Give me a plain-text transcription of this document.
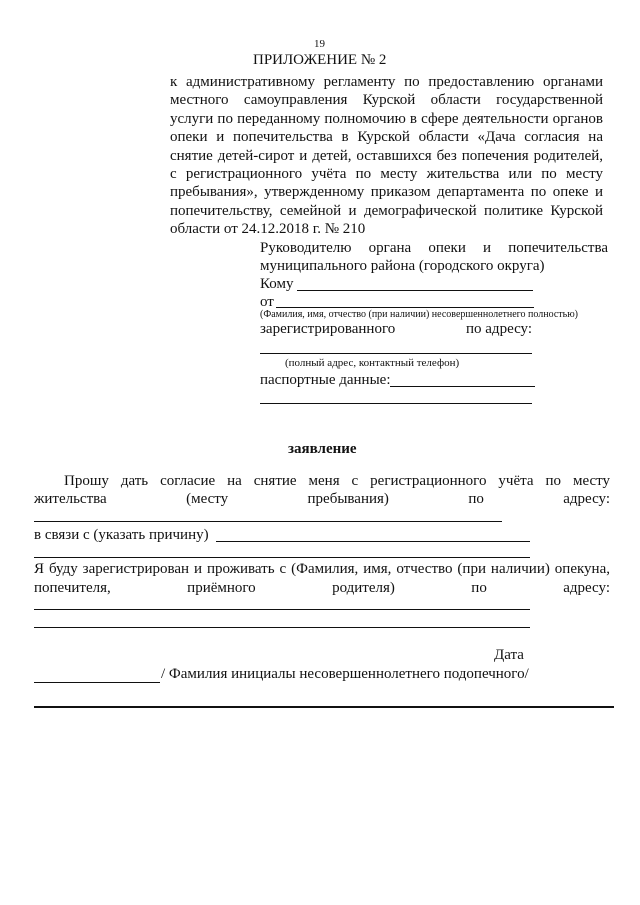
19
ПРИЛОЖЕНИЕ № 2
к административному регламенту по предоставлению органами
местного самоуправления Курской области государственной
услуги по переданному полномочию в сфере деятельности органов
опеки и попечительства в Курской области «Дача согласия на
снятие детей-сирот и детей, оставшихся без попечения родителей,
с регистрационного учёта по месту жительства или по месту
пребывания», утвержденному приказом департамента по опеке и
попечительству, семейной и демографической политике Курской
области от 24.12.2018 г. № 210
Руководителю органа опеки и попечительства
муниципального района (городского округа)
Кому
от
(Фамилия, имя, отчество (при наличии) несовершеннолетнего полностью)
зарегистрированного	по адресу:
(полный адрес, контактный телефон)
паспортные данные:
заявление
Прошу дать согласие на снятие меня с регистрационного учёта по месту
жительства (месту пребывания) по адресу:
в связи с (указать причину)
Я буду зарегистрирован и проживать с (Фамилия, имя, отчество (при наличии) опекуна,
попечителя, приёмного родителя) по адресу:
Дата
/ Фамилия инициалы несовершеннолетнего подопечного/
